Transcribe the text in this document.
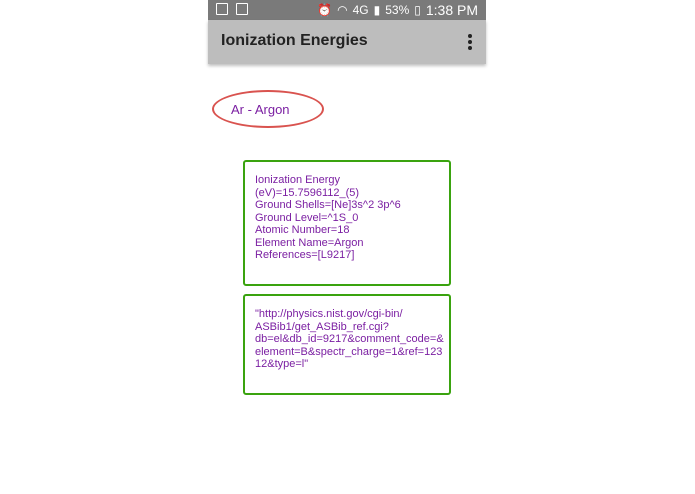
⏰ ◠ 4G ▮ 53% ▯ 1:38 PM
Ionization Energies
Ar - Argon
Ionization Energy
(eV)=15.7596112_(5)
Ground Shells=[Ne]3s^2 3p^6
Ground Level=^1S_0
Atomic Number=18
Element Name=Argon
References=[L9217]
"http://physics.nist.gov/cgi-bin/
ASBib1/get_ASBib_ref.cgi?
db=el&db_id=9217&comment_code=&
element=B&spectr_charge=1&ref=123
12&type=l"
